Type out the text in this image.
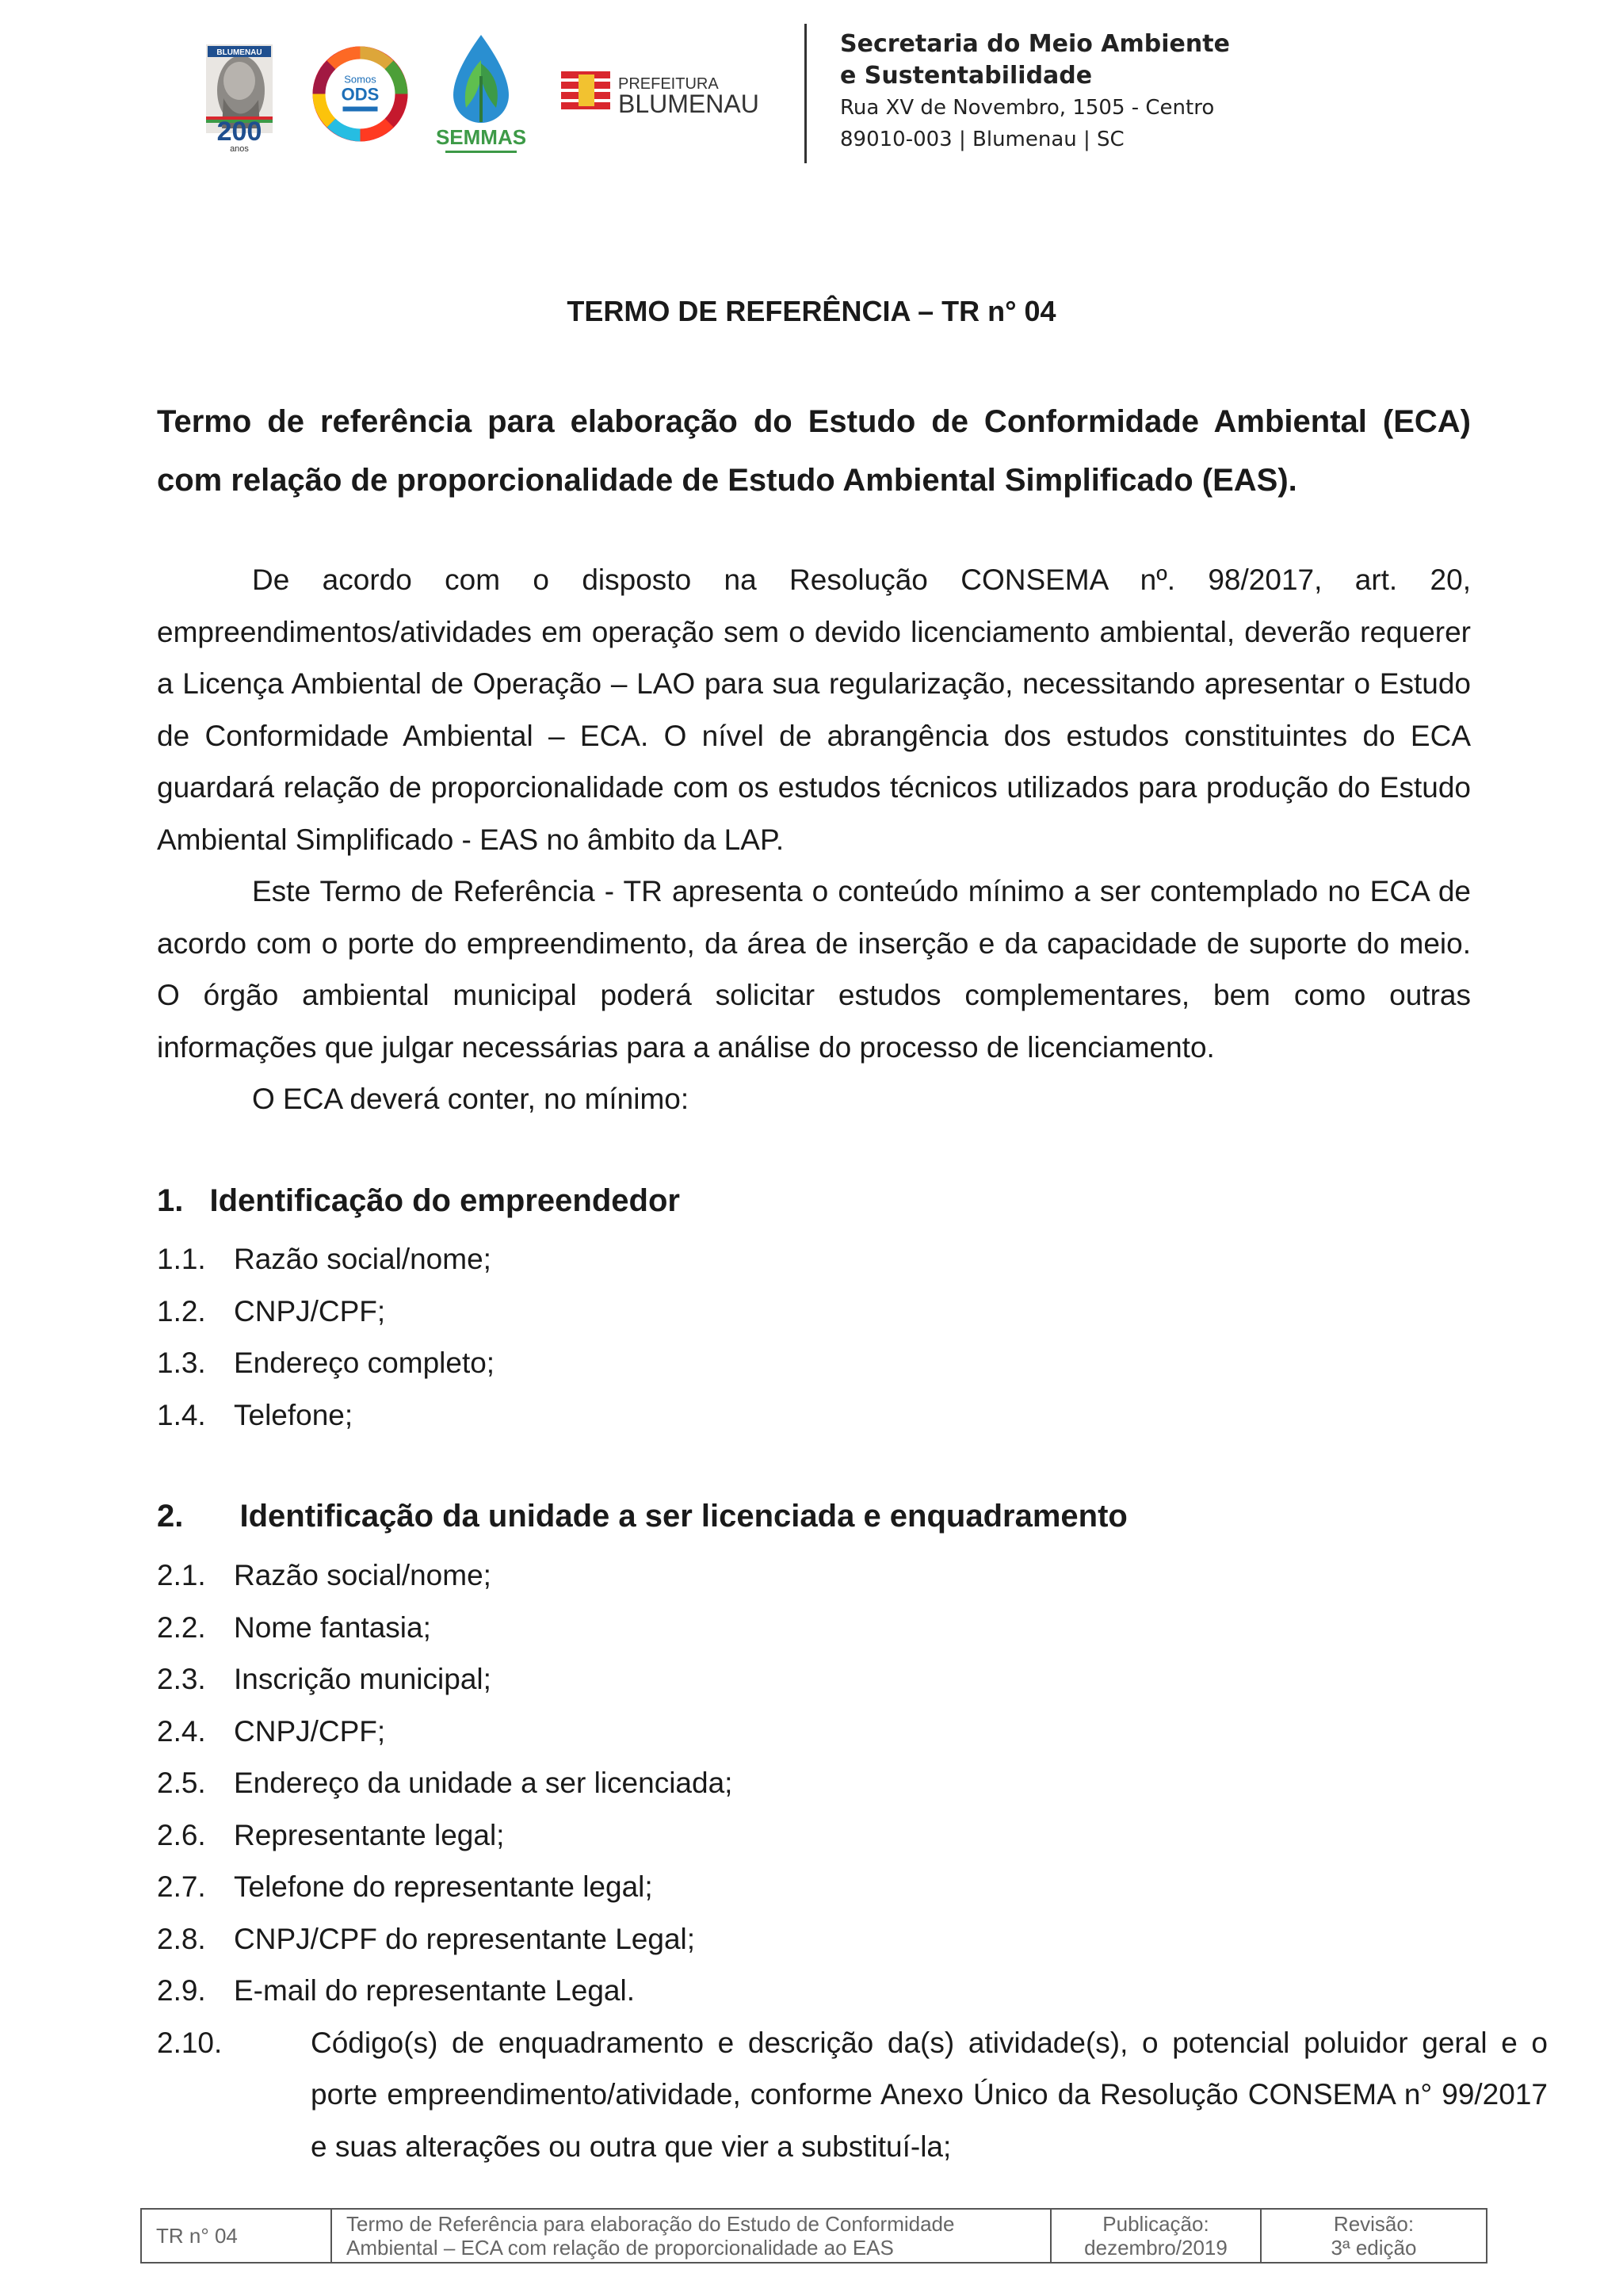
BLUMENAU
200
anos
Somos
ODS
SEMMAS
PREFEITURA
BLUMENAU
Secretaria do Meio Ambiente
e Sustentabilidade
Rua XV de Novembro, 1505 - Centro
89010-003 | Blumenau | SC
TERMO DE REFERÊNCIA – TR n° 04
Termo de referência para elaboração do Estudo de Conformidade Ambiental (ECA) com relação de proporcionalidade de Estudo Ambiental Simplificado (EAS).

De acordo com o disposto na Resolução CONSEMA nº. 98/2017, art. 20, empreendimentos/atividades em operação sem o devido licenciamento ambiental, deverão requerer a Licença Ambiental de Operação – LAO para sua regularização, necessitando apresentar o Estudo de Conformidade Ambiental – ECA. O nível de abrangência dos estudos constituintes do ECA guardará relação de proporcionalidade com os estudos técnicos utilizados para produção do Estudo Ambiental Simplificado - EAS no âmbito da LAP.

Este Termo de Referência - TR apresenta o conteúdo mínimo a ser contemplado no ECA de acordo com o porte do empreendimento, da área de inserção e da capacidade de suporte do meio. O órgão ambiental municipal poderá solicitar estudos complementares, bem como outras informações que julgar necessárias para a análise do processo de licenciamento.

O ECA deverá conter, no mínimo:

1. Identificação do empreendedor
1.1. Razão social/nome;
1.2. CNPJ/CPF;
1.3. Endereço completo;
1.4. Telefone;
2. Identificação da unidade a ser licenciada e enquadramento
2.1. Razão social/nome;
2.2. Nome fantasia;
2.3. Inscrição municipal;
2.4. CNPJ/CPF;
2.5. Endereço da unidade a ser licenciada;
2.6. Representante legal;
2.7. Telefone do representante legal;
2.8. CNPJ/CPF do representante Legal;
2.9. E-mail do representante Legal.
2.10.	Código(s) de enquadramento e descrição da(s) atividade(s), o potencial poluidor geral e o porte empreendimento/atividade, conforme Anexo Único da Resolução CONSEMA n° 99/2017 e suas alterações ou outra que vier a substituí-la;
TR n° 04	Termo de Referência para elaboração do Estudo de Conformidade
Ambiental – ECA com relação de proporcionalidade ao EAS
Publicação:
dezembro/2019
Revisão:
3ª edição
